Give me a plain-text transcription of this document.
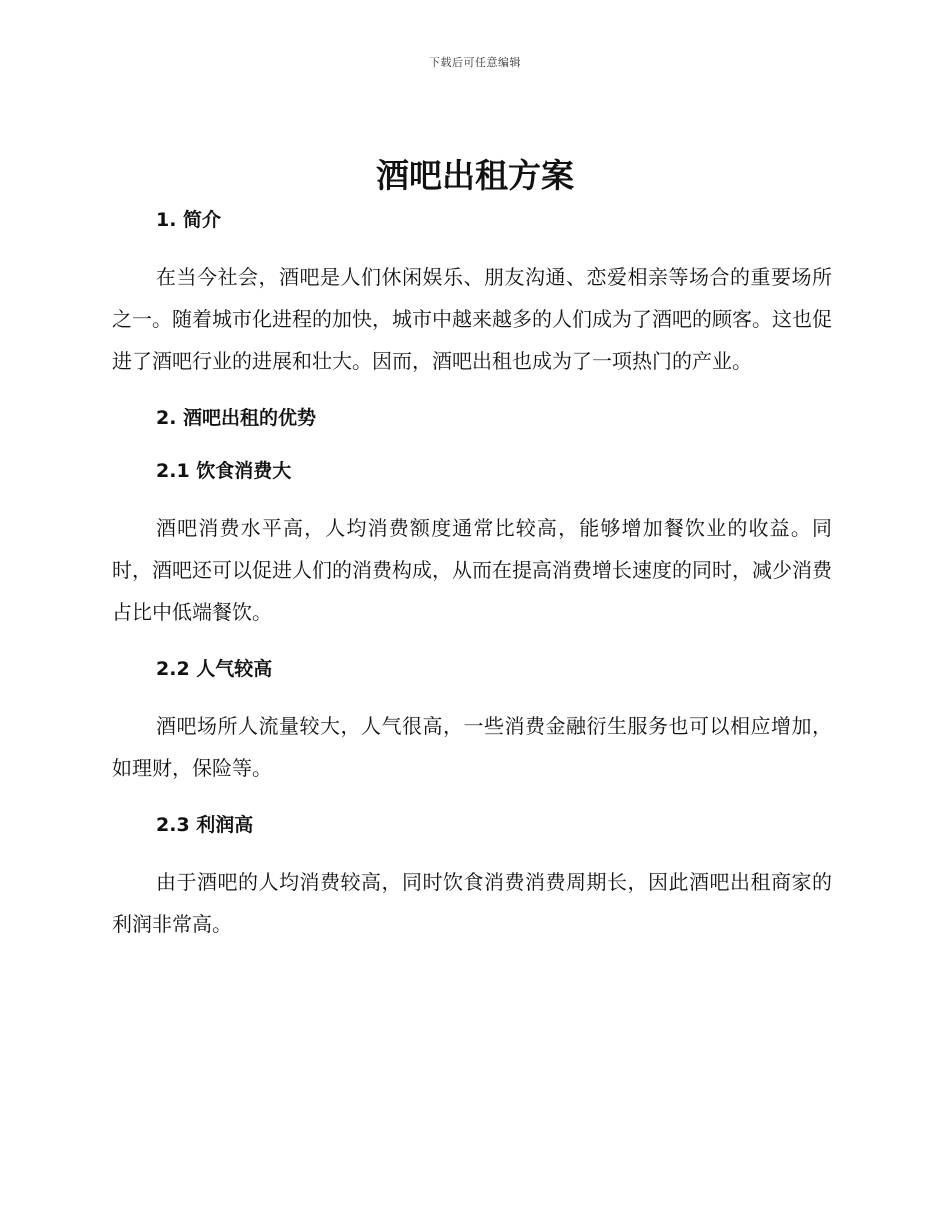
下载后可任意编辑
酒吧出租方案
1. 简介

在当今社会，酒吧是人们休闲娱乐、朋友沟通、恋爱相亲等场合的重要场所之一。随着城市化进程的加快，城市中越来越多的人们成为了酒吧的顾客。这也促进了酒吧行业的进展和壮大。因而，酒吧出租也成为了一项热门的产业。

2. 酒吧出租的优势
2.1 饮食消费大

酒吧消费水平高，人均消费额度通常比较高，能够增加餐饮业的收益。同时，酒吧还可以促进人们的消费构成，从而在提高消费增长速度的同时，减少消费占比中低端餐饮。

2.2 人气较高

酒吧场所人流量较大，人气很高，一些消费金融衍生服务也可以相应增加，如理财，保险等。

2.3 利润高

由于酒吧的人均消费较高，同时饮食消费消费周期长，因此酒吧出租商家的利润非常高。
